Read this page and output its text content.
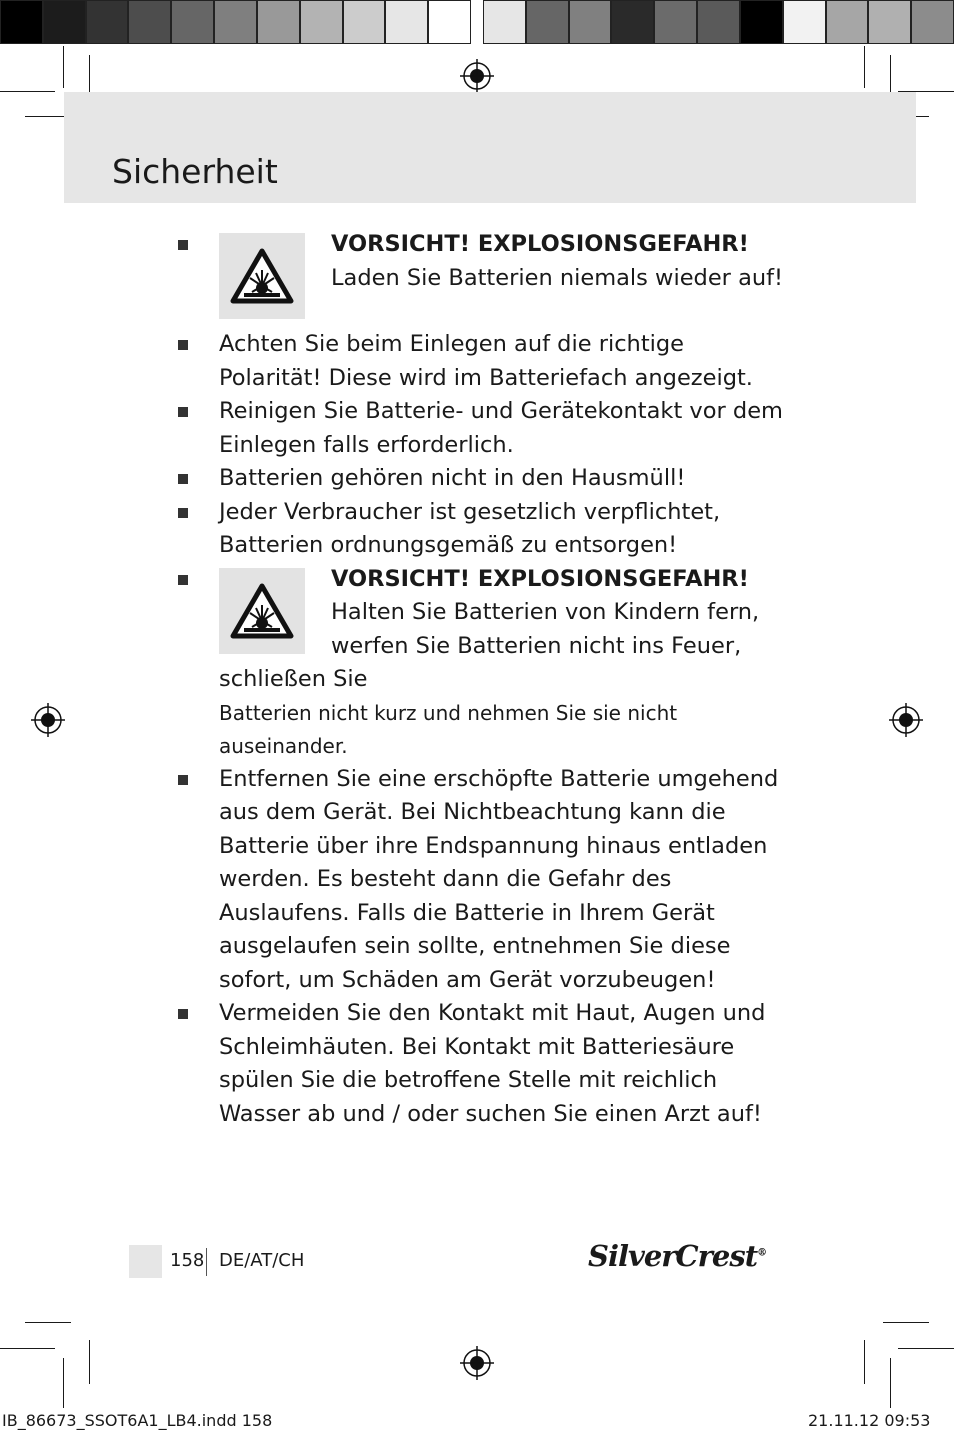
Sicherheit
VORSICHT! EXPLOSIONSGEFAHR!
Laden Sie Batterien niemals wieder auf!
Achten Sie beim Einlegen auf die richtige Polarität! Diese wird im Batteriefach angezeigt.
Reinigen Sie Batterie- und Gerätekontakt vor dem Einlegen falls erforderlich.
Batterien gehören nicht in den Hausmüll!
Jeder Verbraucher ist gesetzlich verpflichtet, Batterien ordnungsgemäß zu entsorgen!
VORSICHT! EXPLOSIONSGEFAHR!
Halten Sie Batterien von Kindern fern, werfen Sie Batterien nicht ins Feuer, schließen Sie
Batterien nicht kurz und nehmen Sie sie nicht auseinander.
Entfernen Sie eine erschöpfte Batterie umgehend aus dem Gerät. Bei Nichtbeachtung kann die Batterie über ihre Endspannung hinaus entladen werden. Es besteht dann die Gefahr des Auslaufens. Falls die Batterie in Ihrem Gerät ausgelaufen sein sollte, entnehmen Sie diese sofort, um Schäden am Gerät vorzubeugen!
Vermeiden Sie den Kontakt mit Haut, Augen und Schleimhäuten. Bei Kontakt mit Batteriesäure spülen Sie die betroffene Stelle mit reichlich Wasser ab und / oder suchen Sie einen Arzt auf!
158 DE/AT/CH	SilverCrest®
IB_86673_SSOT6A1_LB4.indd 158	21.11.12 09:53
